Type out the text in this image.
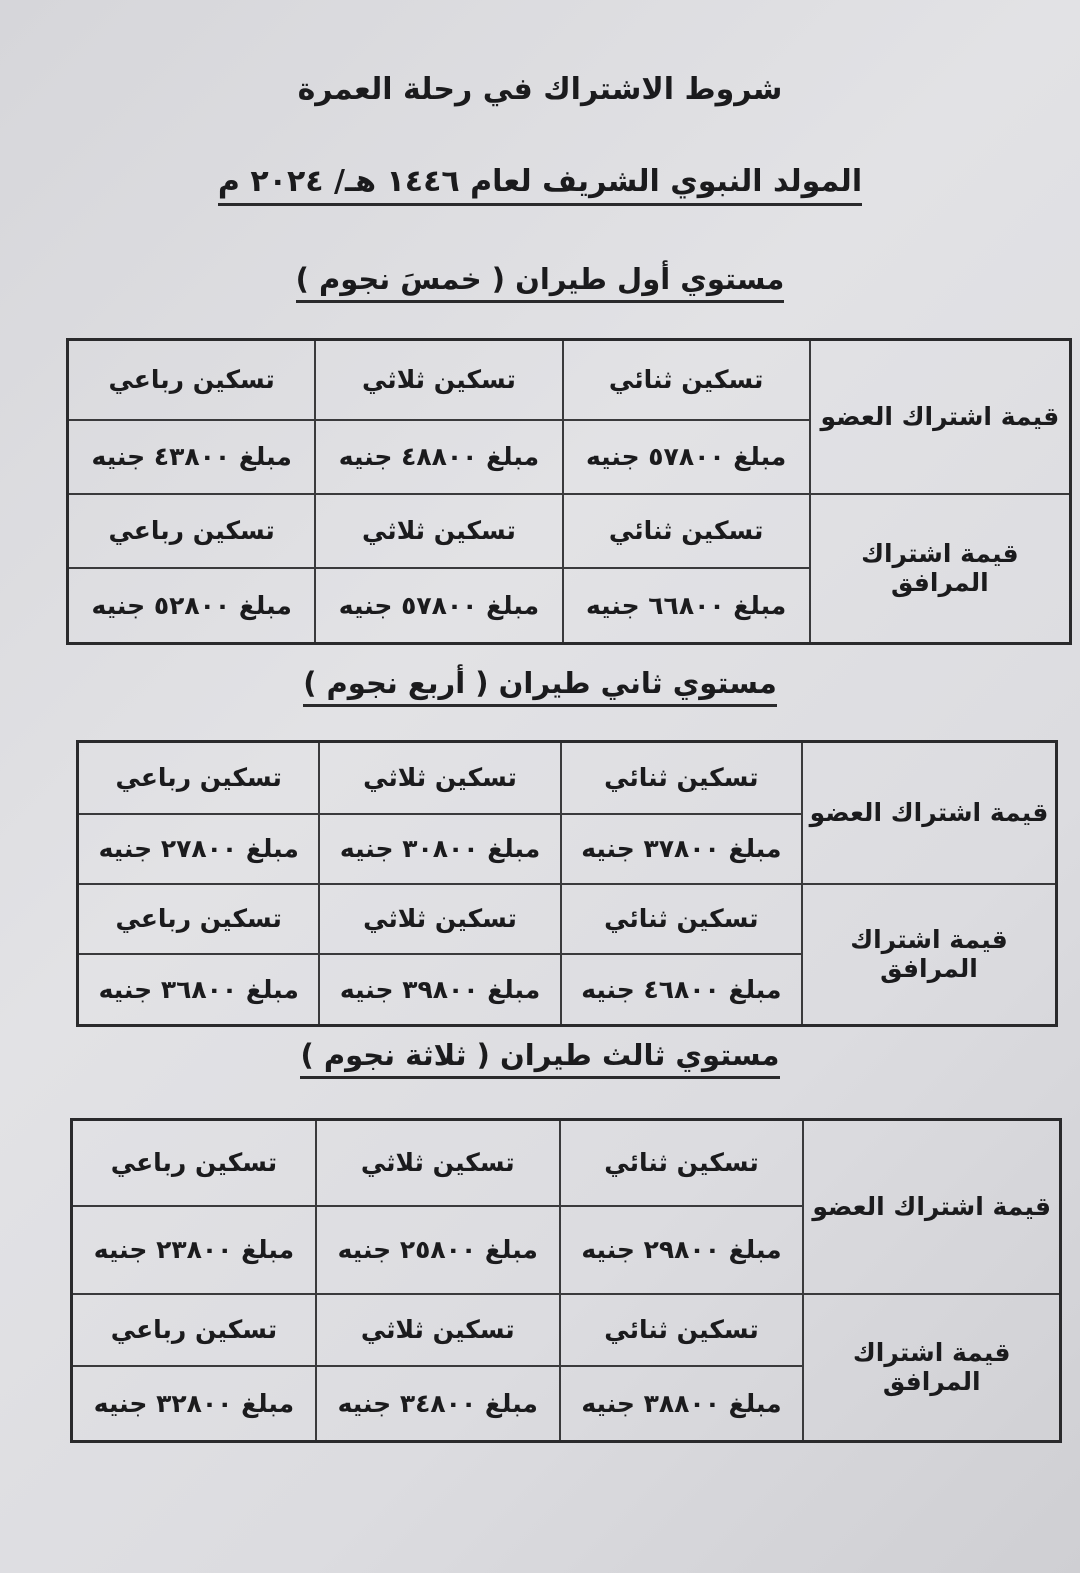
شروط الاشتراك في رحلة العمرة
المولد النبوي الشريف لعام ١٤٤٦ هـ/ ٢٠٢٤ م
مستوي أول طيران ( خمسَ نجوم )
قيمة اشتراك العضو	تسكين ثنائي	تسكين ثلاثي	تسكين رباعي
	مبلغ ٥٧٨٠٠ جنيه	مبلغ ٤٨٨٠٠ جنيه	مبلغ ٤٣٨٠٠ جنيه
قيمة اشتراك المرافق	تسكين ثنائي	تسكين ثلاثي	تسكين رباعي
	مبلغ ٦٦٨٠٠ جنيه	مبلغ ٥٧٨٠٠ جنيه	مبلغ ٥٢٨٠٠ جنيه
مستوي ثاني طيران ( أربع نجوم )
قيمة اشتراك العضو	تسكين ثنائي	تسكين ثلاثي	تسكين رباعي
	مبلغ ٣٧٨٠٠ جنيه	مبلغ ٣٠٨٠٠ جنيه	مبلغ ٢٧٨٠٠ جنيه
قيمة اشتراك المرافق	تسكين ثنائي	تسكين ثلاثي	تسكين رباعي
	مبلغ ٤٦٨٠٠ جنيه	مبلغ ٣٩٨٠٠ جنيه	مبلغ ٣٦٨٠٠ جنيه
مستوي ثالث طيران ( ثلاثة نجوم )
قيمة اشتراك العضو	تسكين ثنائي	تسكين ثلاثي	تسكين رباعي
	مبلغ ٢٩٨٠٠ جنيه	مبلغ ٢٥٨٠٠ جنيه	مبلغ ٢٣٨٠٠ جنيه
قيمة اشتراك المرافق	تسكين ثنائي	تسكين ثلاثي	تسكين رباعي
	مبلغ ٣٨٨٠٠ جنيه	مبلغ ٣٤٨٠٠ جنيه	مبلغ ٣٢٨٠٠ جنيه
